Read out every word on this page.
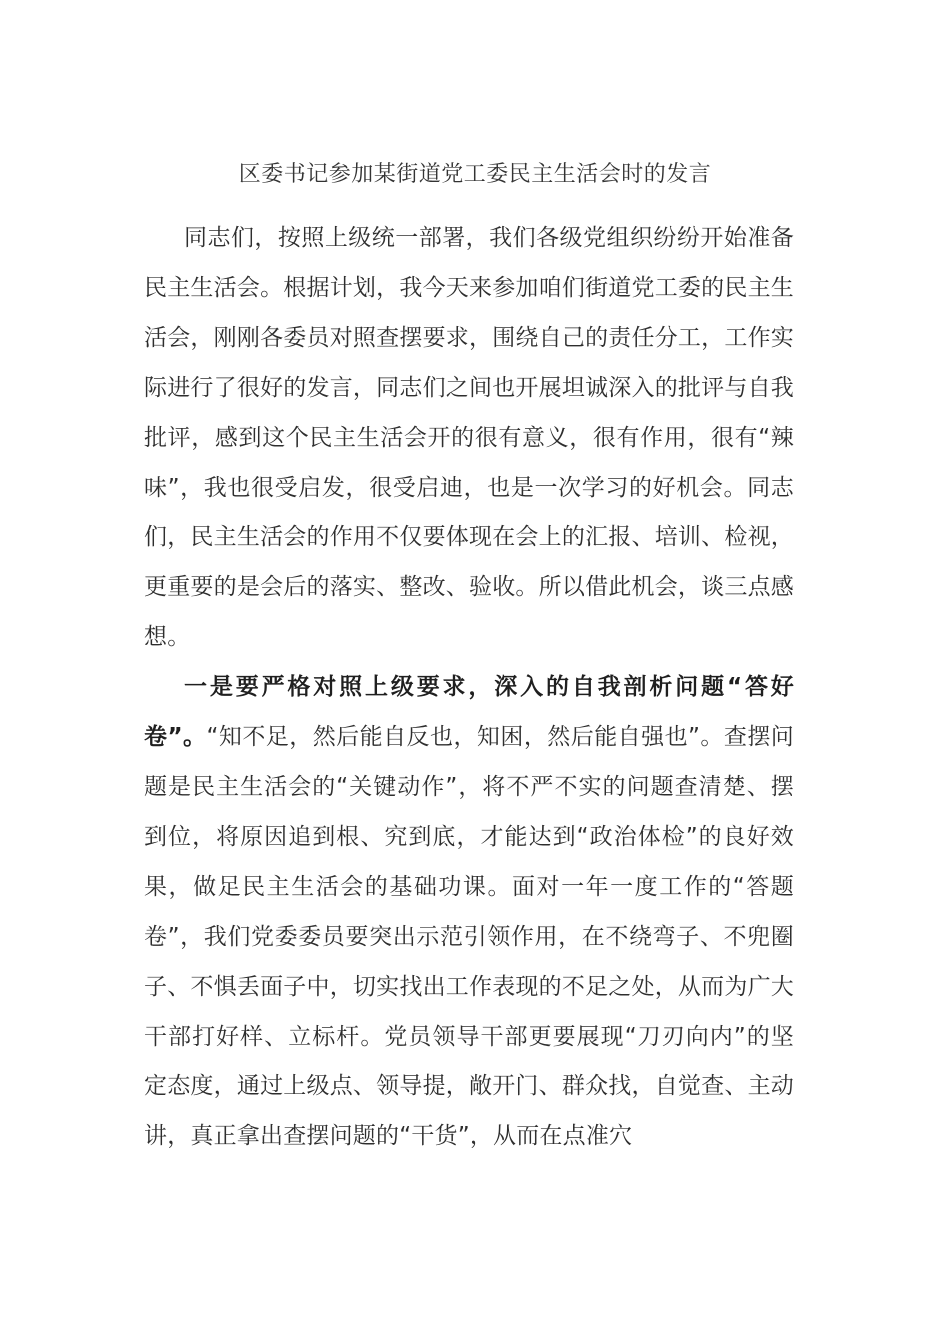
区委书记参加某街道党工委民主生活会时的发言

同志们，按照上级统一部署，我们各级党组织纷纷开始准备民主生活会。根据计划，我今天来参加咱们街道党工委的民主生活会，刚刚各委员对照查摆要求，围绕自己的责任分工，工作实际进行了很好的发言，同志们之间也开展坦诚深入的批评与自我批评，感到这个民主生活会开的很有意义，很有作用，很有“辣味”，我也很受启发，很受启迪，也是一次学习的好机会。同志们，民主生活会的作用不仅要体现在会上的汇报、培训、检视，更重要的是会后的落实、整改、验收。所以借此机会，谈三点感想。

一是要严格对照上级要求，深入的自我剖析问题“答好卷”。“知不足，然后能自反也，知困，然后能自强也”。查摆问题是民主生活会的“关键动作”，将不严不实的问题查清楚、摆到位，将原因追到根、究到底，才能达到“政治体检”的良好效果，做足民主生活会的基础功课。面对一年一度工作的“答题卷”，我们党委委员要突出示范引领作用，在不绕弯子、不兜圈子、不惧丢面子中，切实找出工作表现的不足之处，从而为广大干部打好样、立标杆。党员领导干部更要展现“刀刃向内”的坚定态度，通过上级点、领导提，敞开门、群众找，自觉查、主动讲，真正拿出查摆问题的“干货”，从而在点准穴
